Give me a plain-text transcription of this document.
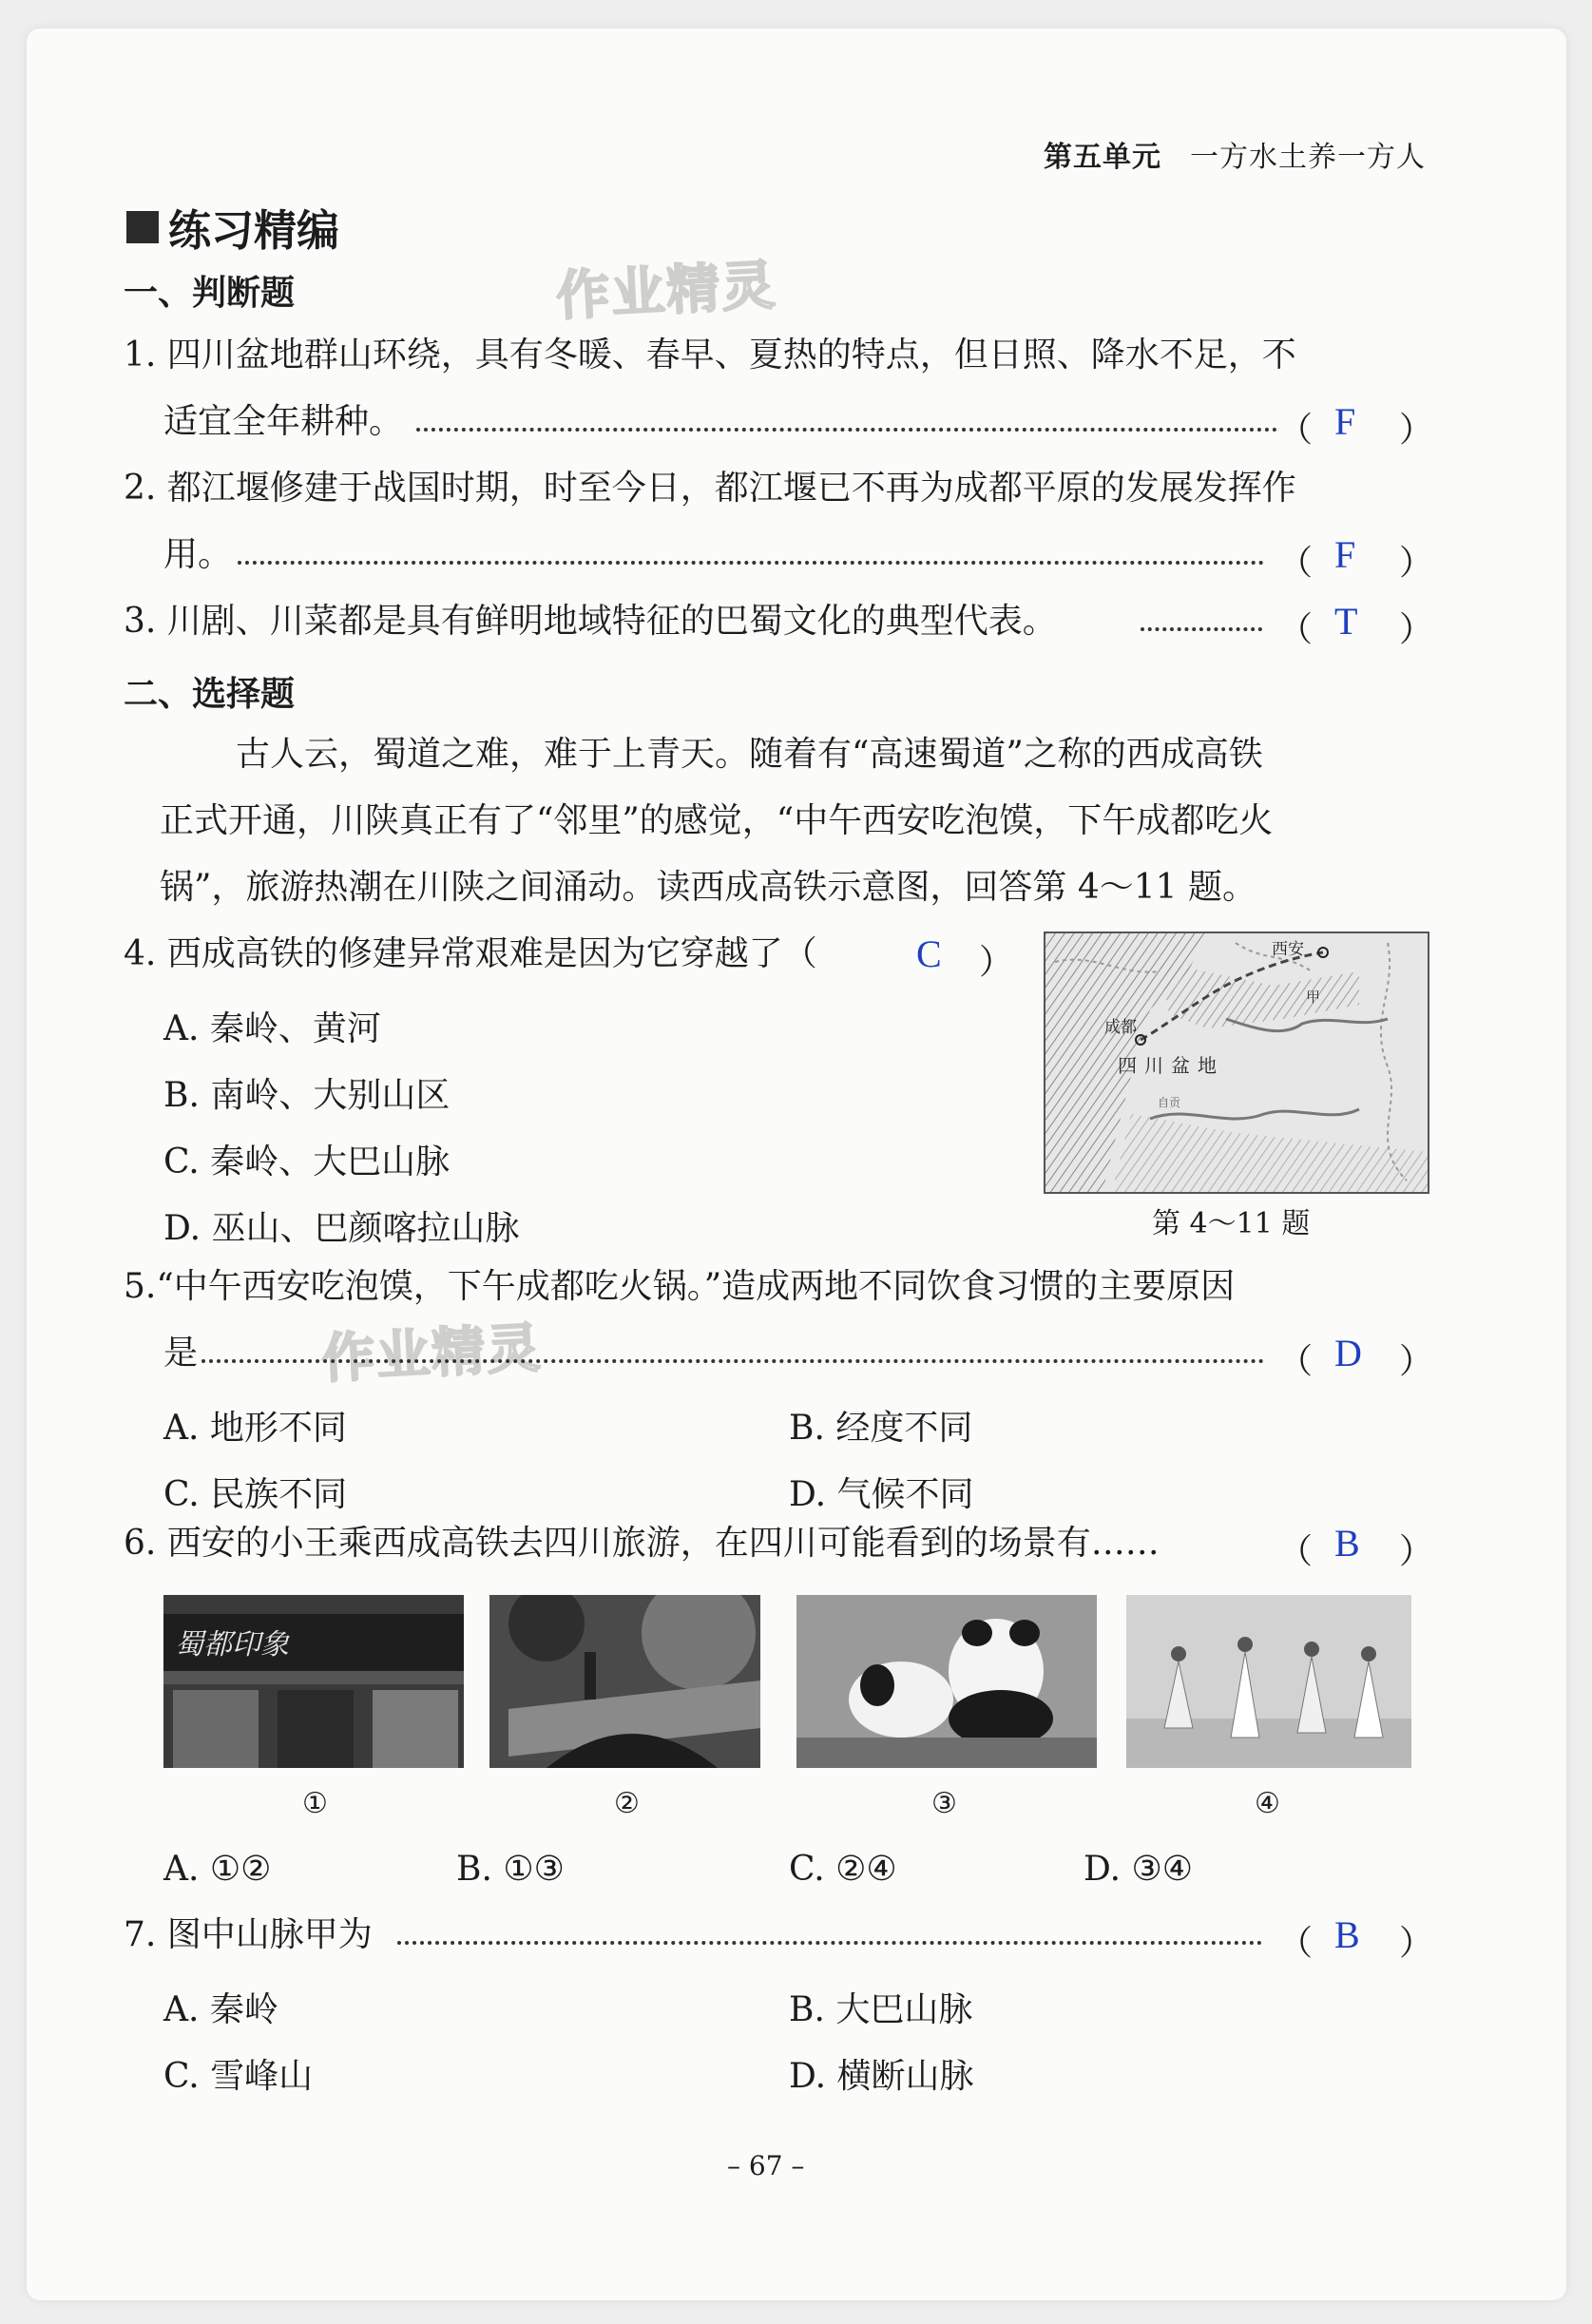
第五单元 一方水土养一方人
练习精编
作业精灵
作业精灵
一、判断题
1. 四川盆地群山环绕，具有冬暖、春早、夏热的特点，但日照、降水不足，不
适宜全年耕种。	（ F ）
2. 都江堰修建于战国时期，时至今日，都江堰已不再为成都平原的发展发挥作
用。	（ F ）
3. 川剧、川菜都是具有鲜明地域特征的巴蜀文化的典型代表。	（ T ）
二、选择题
古人云，蜀道之难，难于上青天。随着有“高速蜀道”之称的西成高铁
正式开通，川陕真正有了“邻里”的感觉，“中午西安吃泡馍，下午成都吃火
锅”，旅游热潮在川陕之间涌动。读西成高铁示意图，回答第 4～11 题。
4. 西成高铁的修建异常艰难是因为它穿越了（	C ）
A. 秦岭、黄河
B. 南岭、大别山区
C. 秦岭、大巴山脉
D. 巫山、巴颜喀拉山脉
西安
成都
四川盆地
甲
自贡
第 4～11 题
5.“中午西安吃泡馍，下午成都吃火锅。”造成两地不同饮食习惯的主要原因
是	（ D ）
A. 地形不同	B. 经度不同
C. 民族不同	D. 气候不同
6. 西安的小王乘西成高铁去四川旅游，在四川可能看到的场景有……	（ B ）
蜀都印象
①	②	③	④
A. ①②	B. ①③	C. ②④	D. ③④
7. 图中山脉甲为	（ B ）
A. 秦岭	B. 大巴山脉
C. 雪峰山	D. 横断山脉
– 67 –
